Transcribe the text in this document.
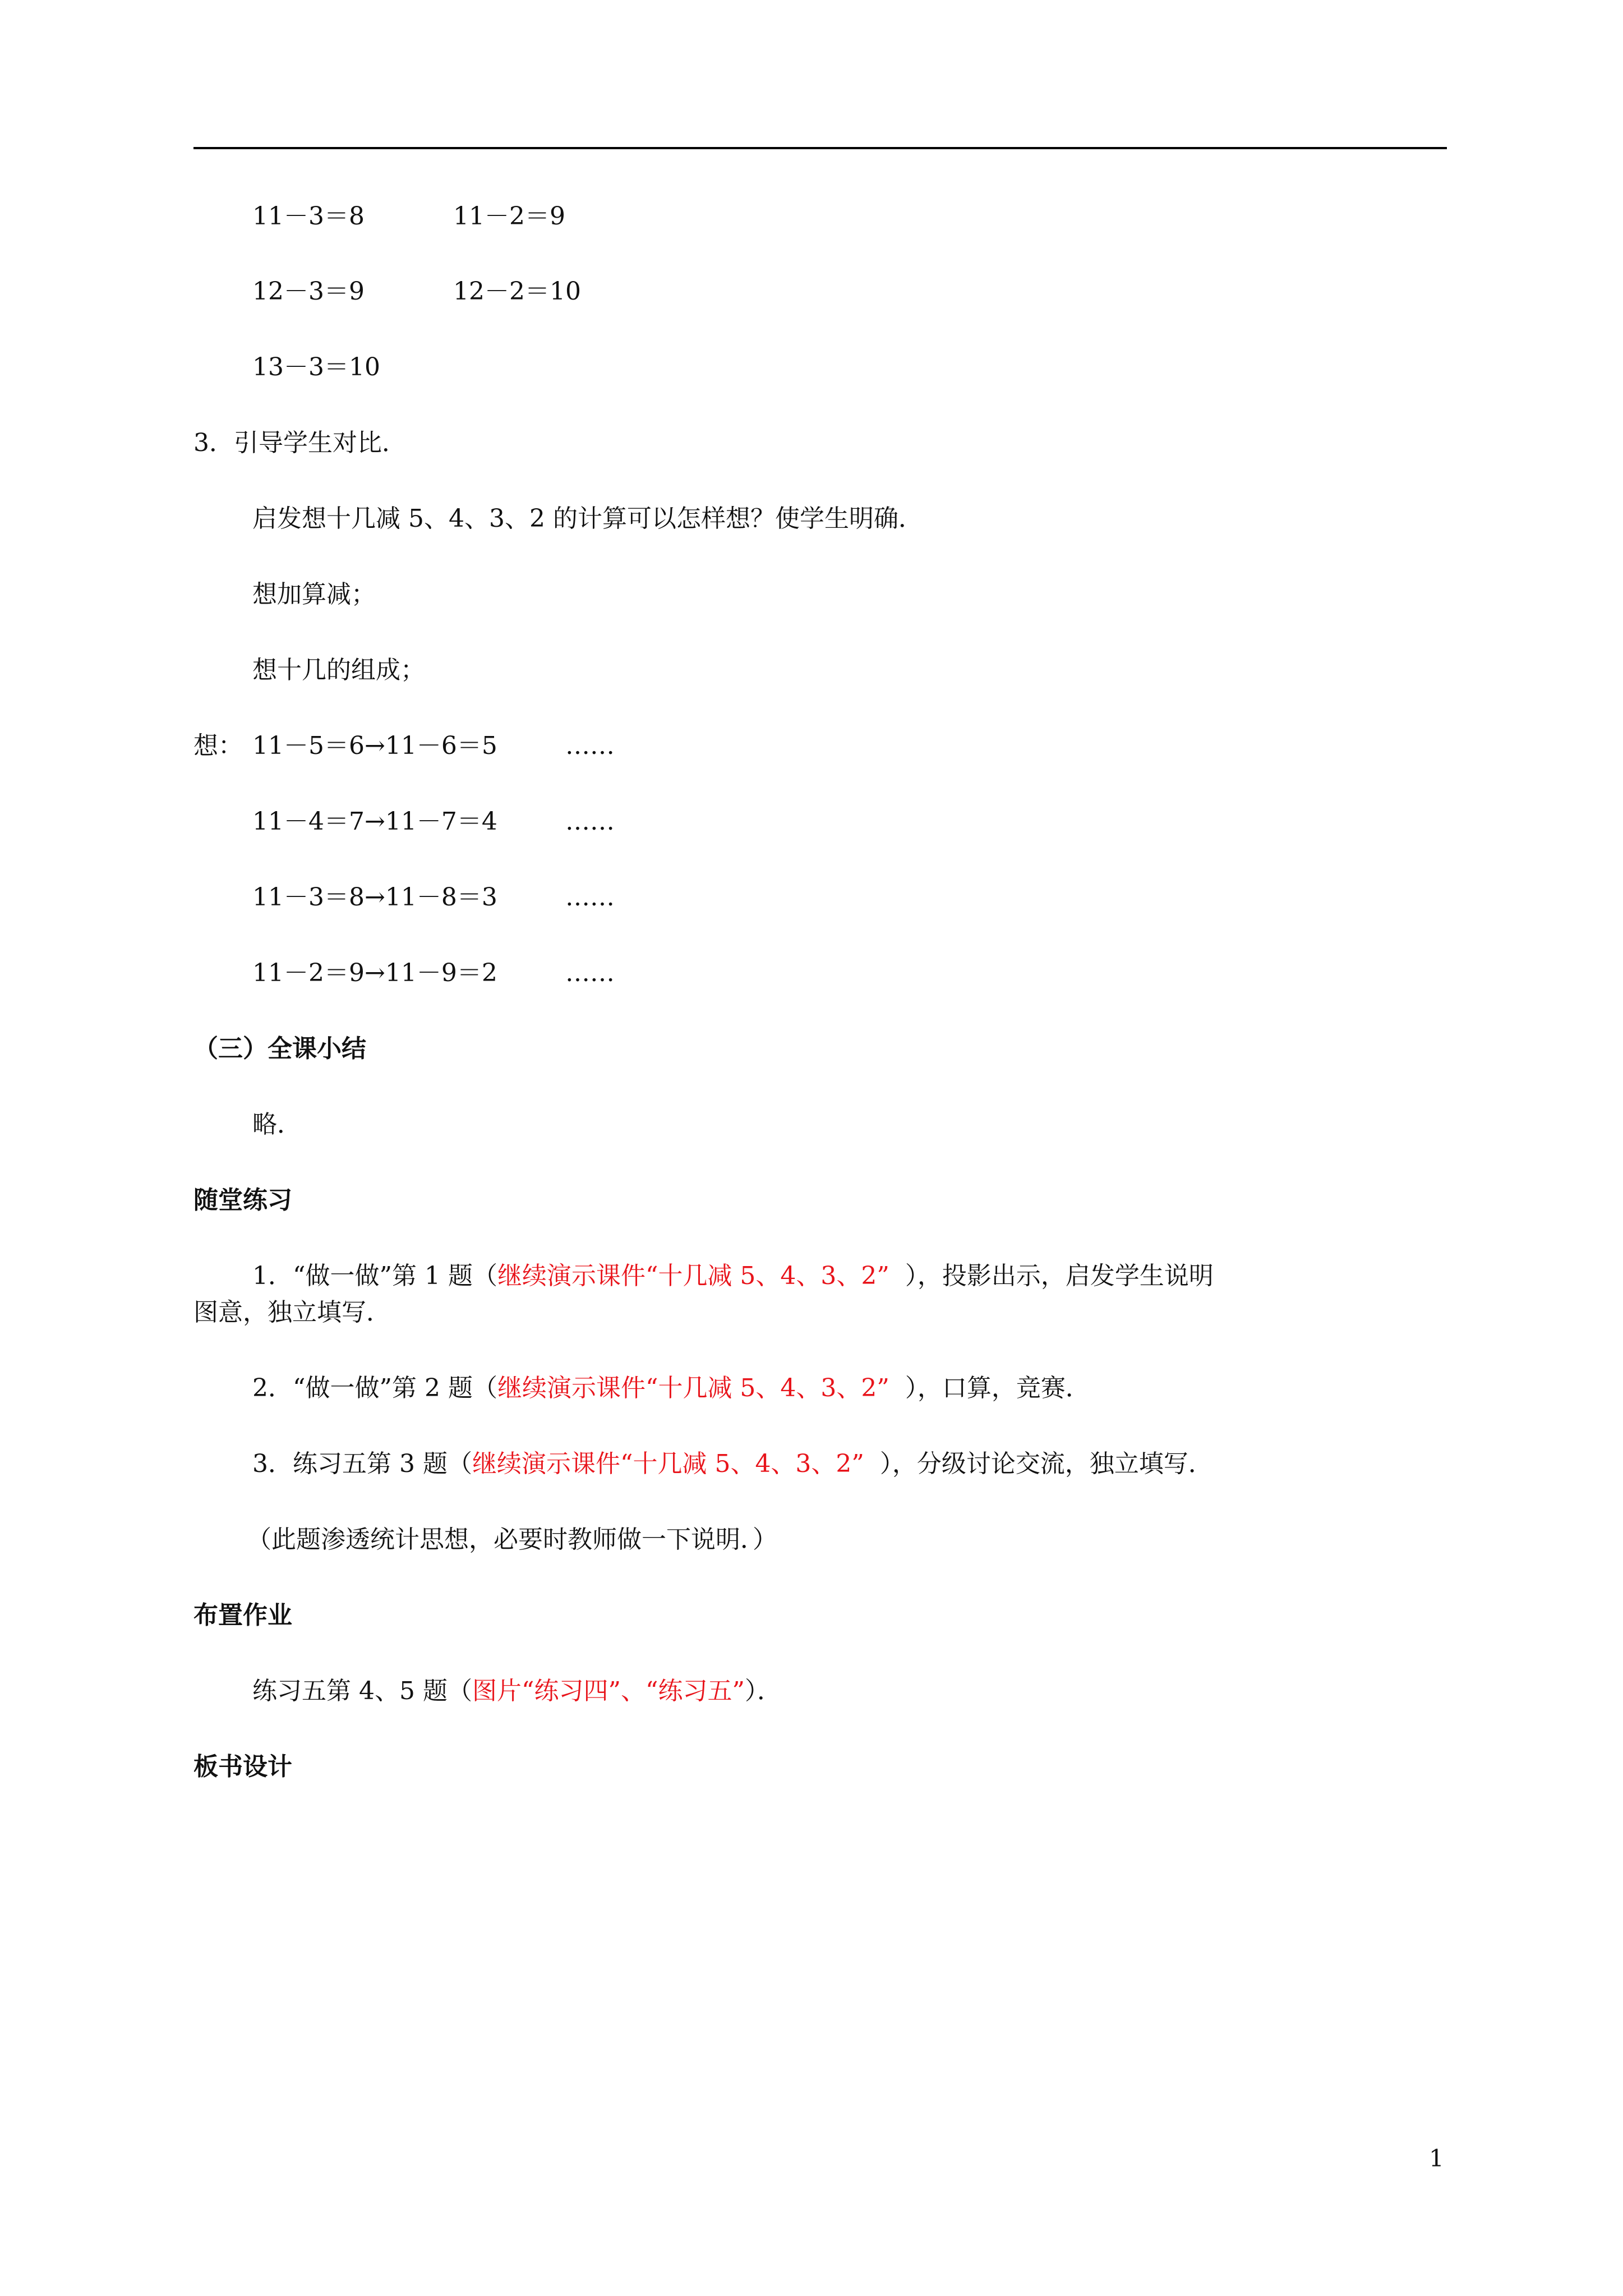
11－3＝8	11－2＝9
12－3＝9	12－2＝10
13－3＝10
3．引导学生对比．
启发想十几减 5、4、3、2 的计算可以怎样想？使学生明确．
想加算减；
想十几的组成；
想： 11－5＝6→11－6＝5	……
11－4＝7→11－7＝4	……
11－3＝8→11－8＝3	……
11－2＝9→11－9＝2	……
（三）全课小结
略．
随堂练习
1．“做一做”第 1 题（继续演示课件“十几减 5、4、3、2”  ），投影出示，启发学生说明
图意，独立填写．
2．“做一做”第 2 题（继续演示课件“十几减 5、4、3、2”  ），口算，竞赛．
3．练习五第 3 题（继续演示课件“十几减 5、4、3、2”  ），分级讨论交流，独立填写．
（此题渗透统计思想，必要时教师做一下说明．）
布置作业
练习五第 4、5 题（图片“练习四”、“练习五”）．
板书设计
1
